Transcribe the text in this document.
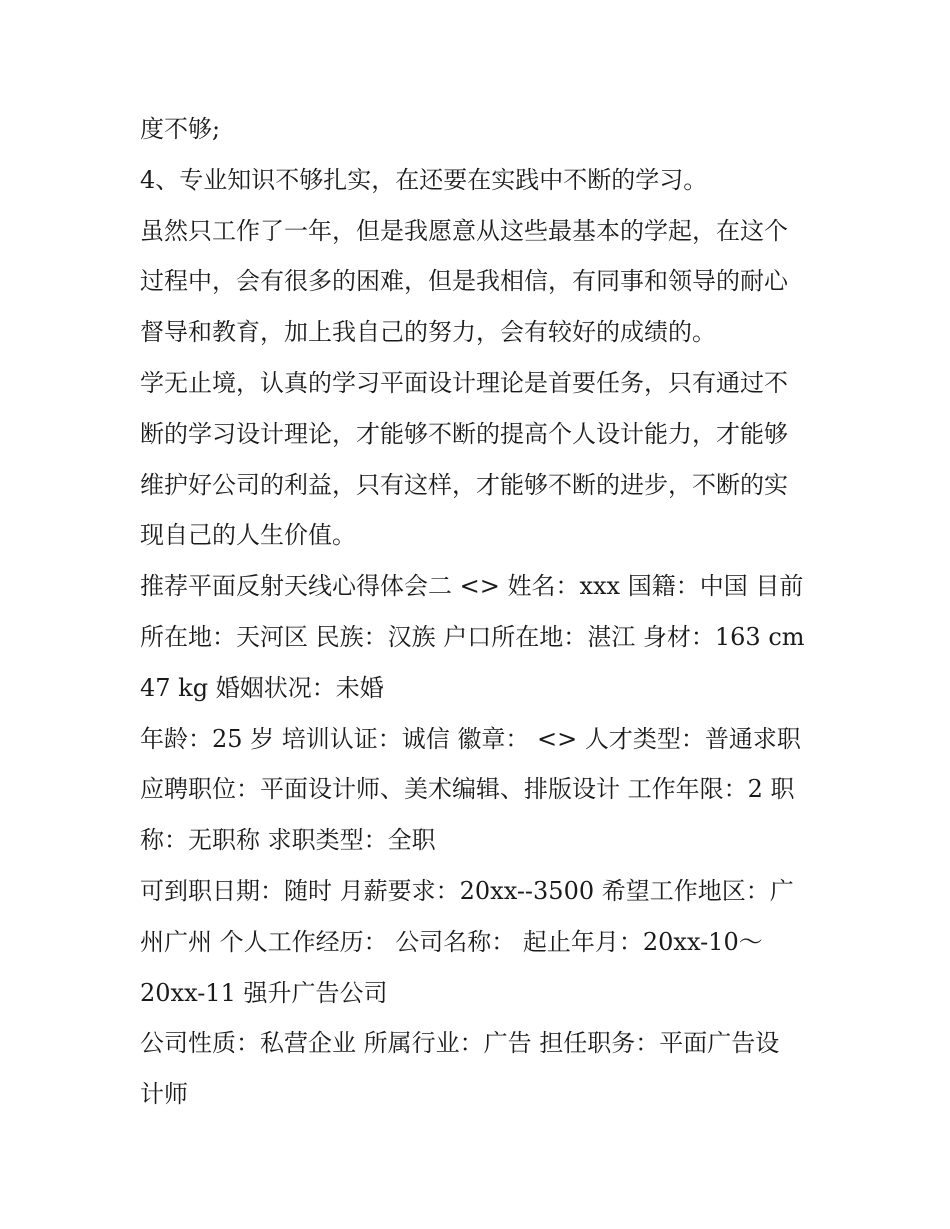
度不够;
4、专业知识不够扎实，在还要在实践中不断的学习。
虽然只工作了一年，但是我愿意从这些最基本的学起，在这个
过程中，会有很多的困难，但是我相信，有同事和领导的耐心
督导和教育，加上我自己的努力，会有较好的成绩的。
学无止境，认真的学习平面设计理论是首要任务，只有通过不
断的学习设计理论，才能够不断的提高个人设计能力，才能够
维护好公司的利益，只有这样，才能够不断的进步，不断的实
现自己的人生价值。
推荐平面反射天线心得体会二 <> 姓名：xxx 国籍：中国 目前
所在地：天河区 民族：汉族 户口所在地：湛江 身材：163 cm
47 kg 婚姻状况：未婚
年龄：25 岁 培训认证：诚信 徽章： <> 人才类型：普通求职
应聘职位：平面设计师、美术编辑、排版设计 工作年限：2 职
称：无职称 求职类型：全职
可到职日期：随时 月薪要求：20xx--3500 希望工作地区：广
州广州 个人工作经历： 公司名称： 起止年月：20xx-10～
20xx-11 强升广告公司
公司性质：私营企业 所属行业：广告 担任职务：平面广告设
计师
